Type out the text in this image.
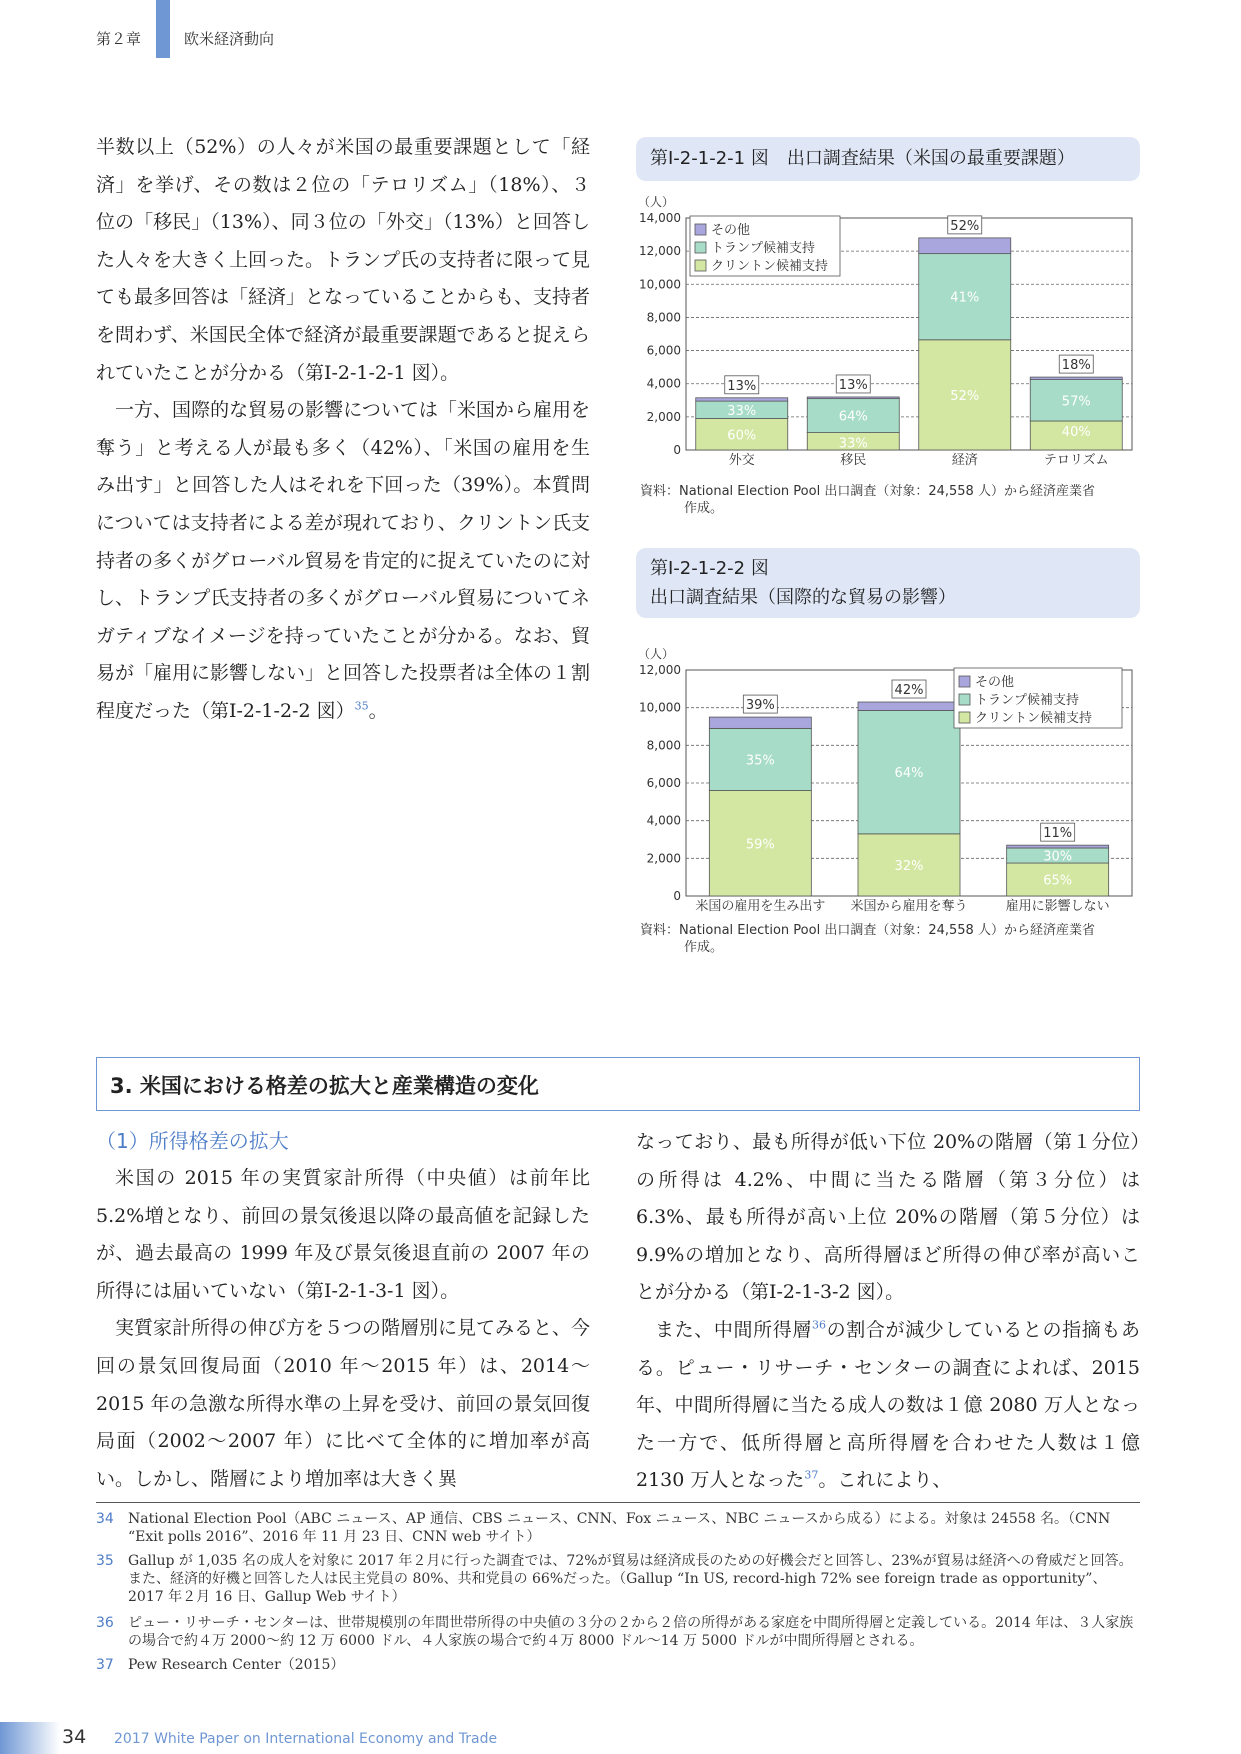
第２章	欧米経済動向

半数以上（52%）の人々が米国の最重要課題として「経済」を挙げ、その数は２位の「テロリズム」（18%）、３位の「移民」（13%）、同３位の「外交」（13%）と回答した人々を大きく上回った。トランプ氏の支持者に限って見ても最多回答は「経済」となっていることからも、支持者を問わず、米国民全体で経済が最重要課題であると捉えられていたことが分かる（第Ⅰ-2-1-2-1 図）。

一方、国際的な貿易の影響については「米国から雇用を奪う」と考える人が最も多く（42%）、「米国の雇用を生み出す」と回答した人はそれを下回った（39%）。本質問については支持者による差が現れており、クリントン氏支持者の多くがグローバル貿易を肯定的に捉えていたのに対し、トランプ氏支持者の多くがグローバル貿易についてネガティブなイメージを持っていたことが分かる。なお、貿易が「雇用に影響しない」と回答した投票者は全体の１割程度だった（第Ⅰ-2-1-2-2 図）$^{35}$。

第Ⅰ-2-1-2-1 図　出口調査結果（米国の最重要課題）
（人）
0
2,000
4,000
6,000
8,000
10,000
12,000
14,000
60%
33%
13%
外交
33%
64%
13%
移民
52%
41%
52%
経済
40%
57%
18%
テロリズム
その他
トランプ候補支持
クリントン候補支持
資料：National Election Pool 出口調査（対象：24,558 人）から経済産業省
作成。
第Ⅰ-2-1-2-2 図
出口調査結果（国際的な貿易の影響）
（人）
0
2,000
4,000
6,000
8,000
10,000
12,000
59%
35%
39%
米国の雇用を生み出す
32%
64%
42%
米国から雇用を奪う
65%
30%
11%
雇用に影響しない
その他
トランプ候補支持
クリントン候補支持
資料：National Election Pool 出口調査（対象：24,558 人）から経済産業省
作成。
3. 米国における格差の拡大と産業構造の変化
（1）所得格差の拡大

米国の 2015 年の実質家計所得（中央値）は前年比 5.2%増となり、前回の景気後退以降の最高値を記録したが、過去最高の 1999 年及び景気後退直前の 2007 年の所得には届いていない（第Ⅰ-2-1-3-1 図）。

実質家計所得の伸び方を５つの階層別に見てみると、今回の景気回復局面（2010 年～2015 年）は、2014～2015 年の急激な所得水準の上昇を受け、前回の景気回復局面（2002～2007 年）に比べて全体的に増加率が高い。しかし、階層により増加率は大きく異

なっており、最も所得が低い下位 20%の階層（第１分位）の所得は 4.2%、中間に当たる階層（第３分位）は 6.3%、最も所得が高い上位 20%の階層（第５分位）は 9.9%の増加となり、高所得層ほど所得の伸び率が高いことが分かる（第Ⅰ-2-1-3-2 図）。

また、中間所得層$^{36}$の割合が減少しているとの指摘もある。ピュー・リサーチ・センターの調査によれば、2015 年、中間所得層に当たる成人の数は１億 2080 万人となった一方で、低所得層と高所得層を合わせた人数は１億 2130 万人となった$^{37}$。これにより、

34 National Election Pool（ABC ニュース、AP 通信、CBS ニュース、CNN、Fox ニュース、NBC ニュースから成る）による。対象は 24558 名。（CNN “Exit polls 2016”、2016 年 11 月 23 日、CNN web サイト）
35 Gallup が 1,035 名の成人を対象に 2017 年２月に行った調査では、72%が貿易は経済成長のための好機会だと回答し、23%が貿易は経済への脅威だと回答。また、経済的好機と回答した人は民主党員の 80%、共和党員の 66%だった。（Gallup “In US, record-high 72% see foreign trade as opportunity”、2017 年２月 16 日、Gallup Web サイト）
36 ピュー・リサーチ・センターは、世帯規模別の年間世帯所得の中央値の３分の２から２倍の所得がある家庭を中間所得層と定義している。2014 年は、３人家族の場合で約４万 2000～約 12 万 6000 ドル、４人家族の場合で約４万 8000 ドル～14 万 5000 ドルが中間所得層とされる。
37 Pew Research Center（2015）
34 2017 White Paper on International Economy and Trade
